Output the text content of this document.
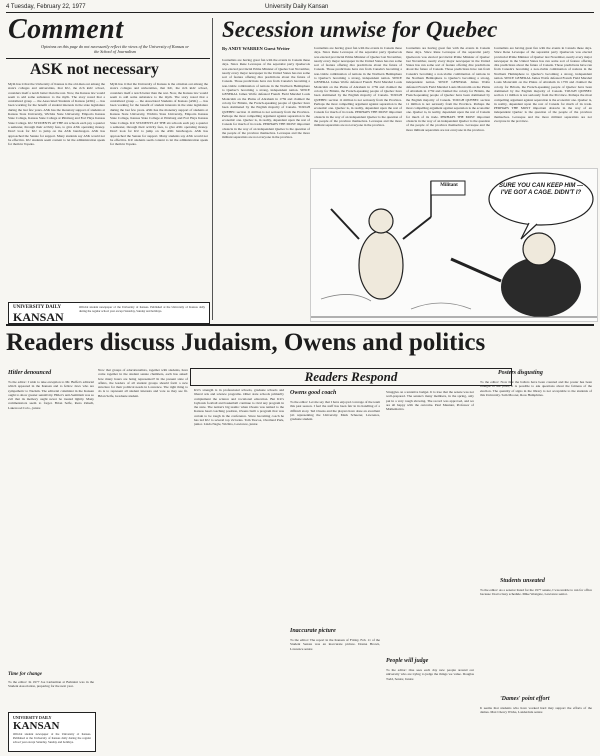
4 Tuesday, February 22, 1977	University Daily Kansan
Comment
Opinions on this page do not necessarily reflect the views of the University of Kansas or the School of Journalism
ASK not necessary
Myth has it that the University of Kansas is the old-man out among the state's colleges and universities, that KU, the rich kids' school, considers itself a notch better than the rest. Now, the Kansas law would seem to add some substance to the myth. The story noted that a centralized group — the Associated Students of Kansas (ASK) — has been working for the benefit of student interests in the state legislature during the last few years. ASK has the monetary support of students at Kansas State University, Wichita State University, Emporia Kansas State College, Kansas State College at Pittsburg and Fort Hays Kansas State College. KU STUDENTS AT THE six schools each pay a quarter a semester, through their activity fees, to give ASK operating money. Don't look for KU to jump on the ASK bandwagon. ASK has approached the Senate for support. Many students say ASK would not be effective. KU students seem content to let the administration speak for them in Topeka.
Myth has it that the University of Kansas is the old-man out among the state's colleges and universities, that KU, the rich kids' school, considers itself a notch better than the rest. Now, the Kansas law would seem to add some substance to the myth. The story noted that a centralized group — the Associated Students of Kansas (ASK) — has been working for the benefit of student interests in the state legislature during the last few years. ASK has the monetary support of students at Kansas State University, Wichita State University, Emporia Kansas State College, Kansas State College at Pittsburg and Fort Hays Kansas State College. KU STUDENTS AT THE six schools each pay a quarter a semester, through their activity fees, to give ASK operating money. Don't look for KU to jump on the ASK bandwagon. ASK has approached the Senate for support. Many students say ASK would not be effective. KU students seem content to let the administration speak for them in Topeka.
Secession unwise for Quebec
By ANDY WARREN Guest Writer
Journalists are having great fun with the events in Canada these days. Since Rene Levesque of the separatist party Quebecois was elected provincial Prime Minister of Quebec last November, nearly every major newspaper in the United States has run some sort of feature offering dire predictions about the future of Canada. Those predictions have run from Canada's becoming a non-viable combination of nations in the Northern Hemisphere to Quebec's becoming a strong, independent nation. SINCE GENERAL James Wolfe defeated French Field Marshal Louis Montcalm on the Plains of Abraham in 1759 and claimed the colony for Britain, the French-speaking people of Quebec have been dominated by the English majority of Canada. TOUGH QUEBEC section 11 million is not seriously from the Province. Perhaps the most compelling argument against separation is the economic one. Quebec is, in reality, dependent upon the rest of Canada for much of its trade. PERHAPS THE MOST important obstacle in the way of an independent Quebec is the question of the people of the province themselves. Levesque and the more militant separatists are not everyone in the province.
Journalists are having great fun with the events in Canada these days. Since Rene Levesque of the separatist party Quebecois was elected provincial Prime Minister of Quebec last November, nearly every major newspaper in the United States has run some sort of feature offering dire predictions about the future of Canada. Those predictions have run from Canada's becoming a non-viable combination of nations in the Northern Hemisphere to Quebec's becoming a strong, independent nation. SINCE GENERAL James Wolfe defeated French Field Marshal Louis Montcalm on the Plains of Abraham in 1759 and claimed the colony for Britain, the French-speaking people of Quebec have been dominated by the English majority of Canada. TOUGH QUEBEC section 11 million is not seriously from the Province. Perhaps the most compelling argument against separation is the economic one. Quebec is, in reality, dependent upon the rest of Canada for much of its trade. PERHAPS THE MOST important obstacle in the way of an independent Quebec is the question of the people of the province themselves. Levesque and the more militant separatists are not everyone in the province.
Journalists are having great fun with the events in Canada these days. Since Rene Levesque of the separatist party Quebecois was elected provincial Prime Minister of Quebec last November, nearly every major newspaper in the United States has run some sort of feature offering dire predictions about the future of Canada. Those predictions have run from Canada's becoming a non-viable combination of nations in the Northern Hemisphere to Quebec's becoming a strong, independent nation. SINCE GENERAL James Wolfe defeated French Field Marshal Louis Montcalm on the Plains of Abraham in 1759 and claimed the colony for Britain, the French-speaking people of Quebec have been dominated by the English majority of Canada. TOUGH QUEBEC section 11 million is not seriously from the Province. Perhaps the most compelling argument against separation is the economic one. Quebec is, in reality, dependent upon the rest of Canada for much of its trade. PERHAPS THE MOST important obstacle in the way of an independent Quebec is the question of the people of the province themselves. Levesque and the more militant separatists are not everyone in the province.
Journalists are having great fun with the events in Canada these days. Since Rene Levesque of the separatist party Quebecois was elected provincial Prime Minister of Quebec last November, nearly every major newspaper in the United States has run some sort of feature offering dire predictions about the future of Canada. Those predictions have run from Canada's becoming a non-viable combination of nations in the Northern Hemisphere to Quebec's becoming a strong, independent nation. SINCE GENERAL James Wolfe defeated French Field Marshal Louis Montcalm on the Plains of Abraham in 1759 and claimed the colony for Britain, the French-speaking people of Quebec have been dominated by the English majority of Canada. TOUGH QUEBEC section 11 million is not seriously from the Province. Perhaps the most compelling argument against separation is the economic one. Quebec is, in reality, dependent upon the rest of Canada for much of its trade. PERHAPS THE MOST important obstacle in the way of an independent Quebec is the question of the people of the province themselves. Levesque and the more militant separatists are not everyone in the province.
SURE YOU CAN KEEP HIM — I'VE GOT A CAGE. DIDN'T I?
Militant
UNIVERSITY DAILY
KANSAN
Official student newspaper of the University of Kansas. Published at the University of Kansas daily during the regular school year except Saturday, Sunday and holidays.
Readers discuss Judaism, Owens and politics
Readers Respond
Hitler denounced
To the editor: I wish to take exception to Mr. Buffet's editorial which appeared in the Kansan and to fellow Jews who are sympathetic to Nazism. The editorial columnist in the Kansan ought to show greater sensitivity. Hitler's anti-Semitism was so evil that its memory ought never be treated lightly. Many commentators seem to forget. Brian Selfe, Reza Zahedi, Lakewood Colo., junior.
Time for change
To the editor: In 1977 Joe Lieberman at Bahraini was in the Student Association, preparing for the next year.
UNIVERSITY DAILY
KANSAN
Official student newspaper of the University of Kansas. Published at the University of Kansas daily during the regular school year except Saturday, Sunday and holidays.
Now that groups of educationalists, together with students, have come together in the student senate chambers, each has asked: how many hours are being represented? In the present state of affairs, the leaders of all student groups should form a new structure for their political needs in Lawrence. The right thing to do is to represent all student interests and vote as they see fit. Brian Selfe, Graduate student.
KU's strength is in professional schools, graduate schools and liberal arts and science programs. Other state schools primarily complement the science and vocational education. But KU's Jayhawk football and basketball continue to rival any program in the state. The nation's big teams: when Owens was named to the Kansas head coaching position, Owens built a program that was certain to be tough in the conference. Since becoming coach he has led KU to several top victories. Tom Tuscoa, Overland Park, junior. Linda Nagle, Wichita, Lawrence, junior.
Owens good coach
To the editor: Let me say that I have enjoyed coverage of the team this past season. I feel the staff has been fair in its handling of a difficult story. Ted Owens and the players have done an excellent job representing the University. Mark Scheerer, Lawrence, graduate student.
Inaccurate picture
To the editor: The report in the Kansan of Friday, Feb. 11 of the Student Senate was an inaccurate picture. Donna Brown, Lawrence senior.
Struggles on a tentative budget. It is true that the senate was not well-prepared. The senate's many members, in the spring, only put in a very rough showing. The record was approved, and we are all happy with the outcome. Paul Meunier, Professor of Mathematics.
People will judge
To the editor: One sees each day new people around our university who are trying to judge the things we value. Douglas Todd, Senior, Junior.
Posters disgusting
To the editor: Now that the ballots have been counted and the poster has been brought to the polls, it is possible to ask questions about the fairness of the election. The quantity of signs in the library is not acceptable to the students of this University. Sam Moorer, Ross Humphries.
Students unseated
To the editor: As a senator listed for the 1977 senate, I was unable to run for office because I had a busy schedule. Mike Westgate, Lawrence senior.
'Dames' point effort
It seems that students who have worked hard may support the efforts of the dames. Max Chewy Wicks, Landerdale senior.
